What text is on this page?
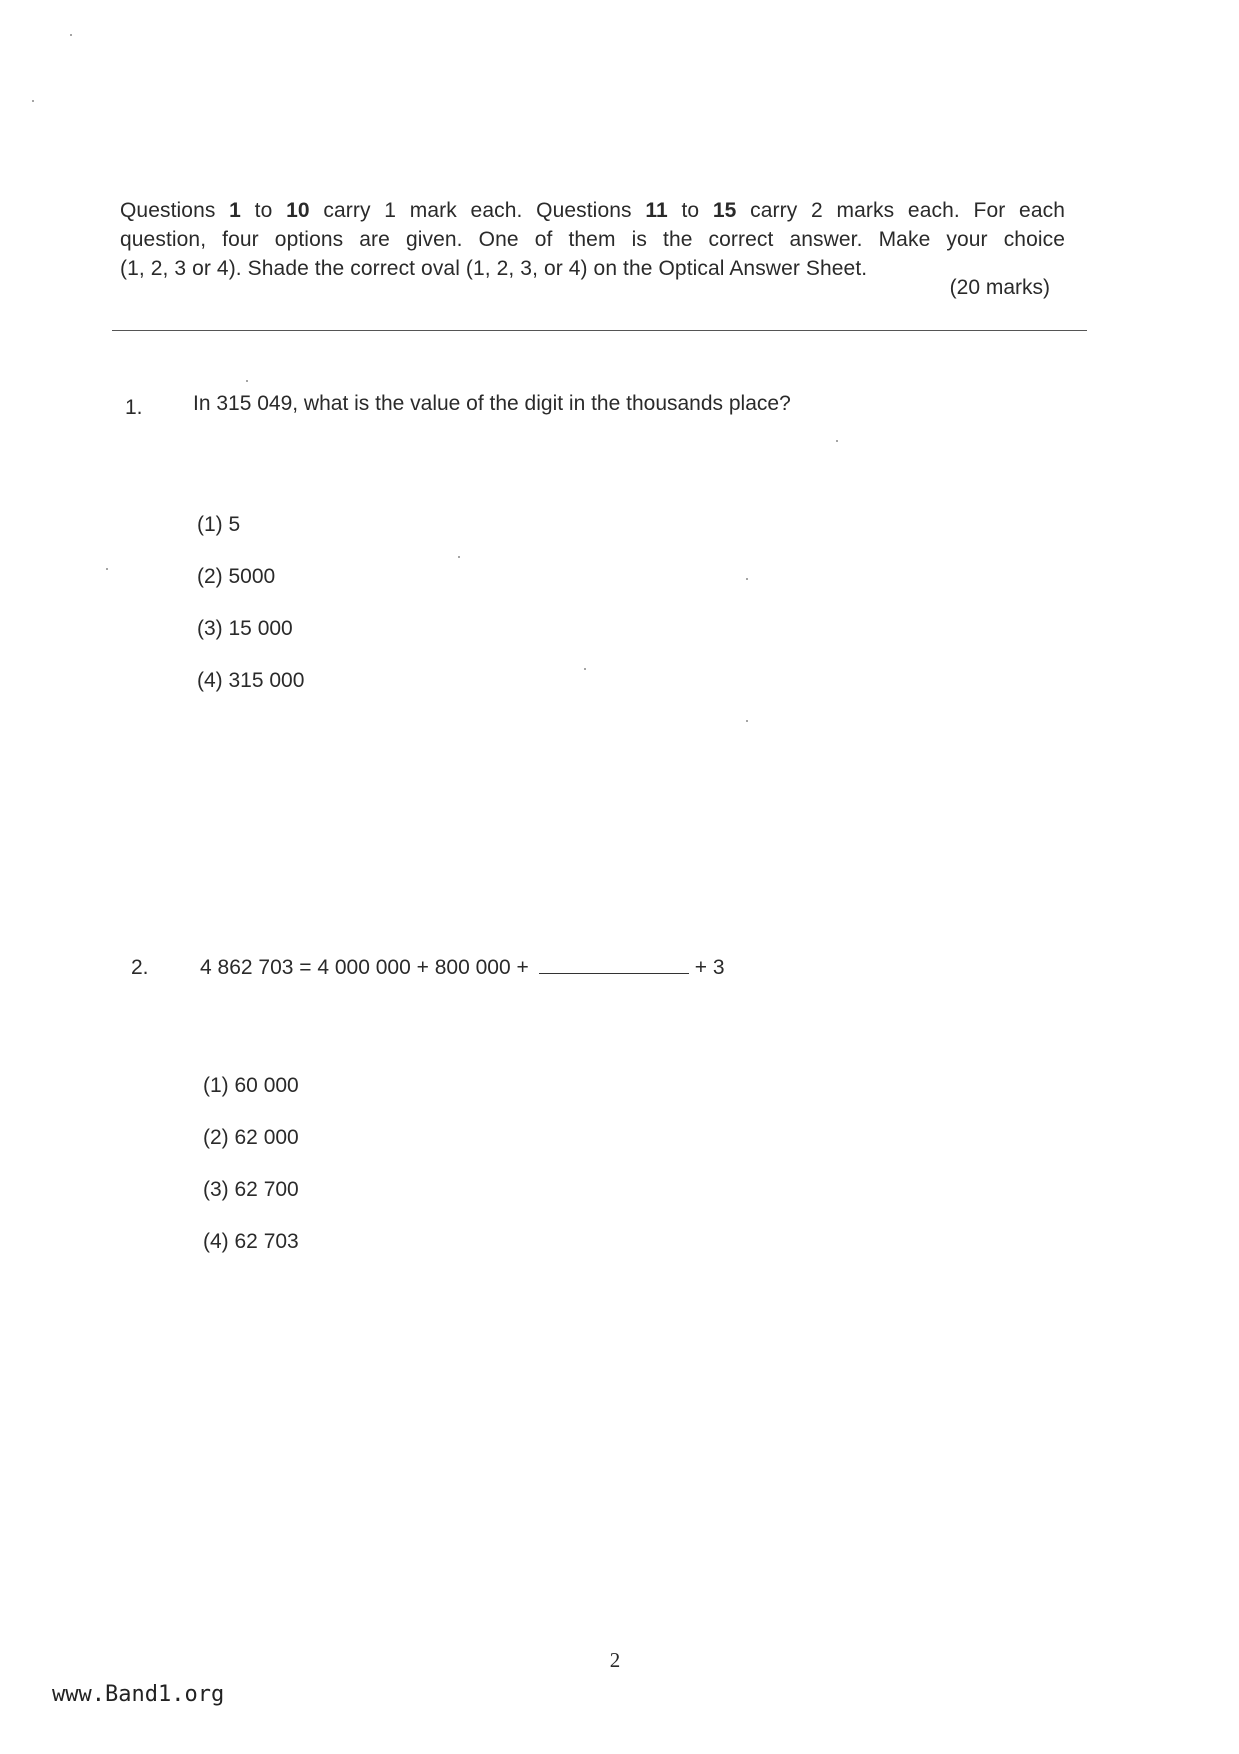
Questions 1 to 10 carry 1 mark each. Questions 11 to 15 carry 2 marks each. For each

question, four options are given. One of them is the correct answer. Make your choice

(1, 2, 3 or 4). Shade the correct oval (1, 2, 3, or 4) on the Optical Answer Sheet.

(20 marks)
1. In 315 049, what is the value of the digit in the thousands place?
(1) 5
(2) 5000
(3) 15 000
(4) 315 000
2. 4 862 703 = 4 000 000 + 800 000 +	+ 3
(1) 60 000
(2) 62 000
(3) 62 700
(4) 62 703
2
www.Band1.org
